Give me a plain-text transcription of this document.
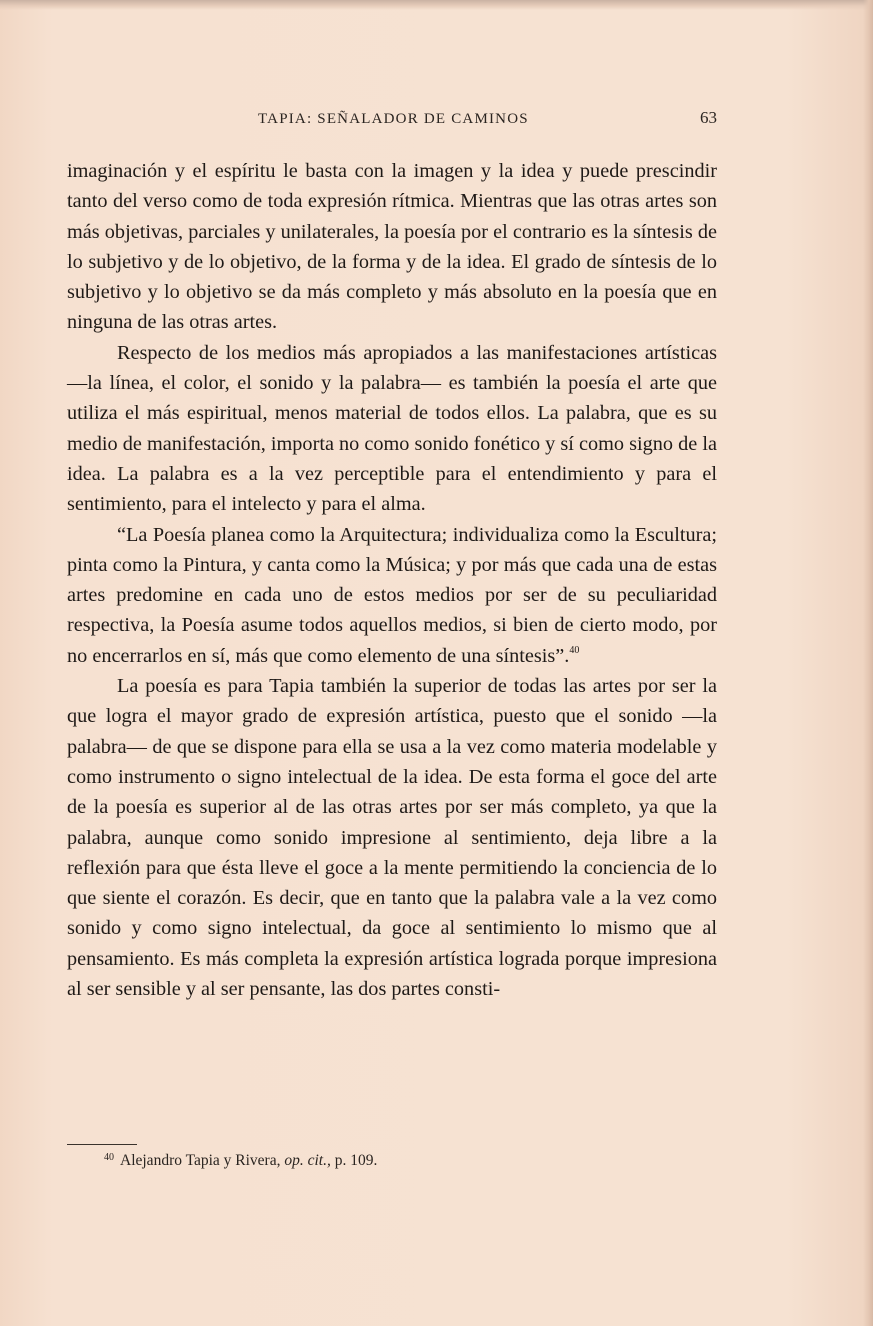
TAPIA: SEÑALADOR DE CAMINOS	63

imaginación y el espíritu le basta con la imagen y la idea y puede prescindir tanto del verso como de toda expresión rítmica. Mientras que las otras artes son más objetivas, parciales y unilaterales, la poesía por el contrario es la síntesis de lo subjetivo y de lo objetivo, de la forma y de la idea. El grado de síntesis de lo subjetivo y lo objetivo se da más completo y más absoluto en la poesía que en ninguna de las otras artes.

Respecto de los medios más apropiados a las manifestaciones artísticas —la línea, el color, el sonido y la palabra— es también la poesía el arte que utiliza el más espiritual, menos material de todos ellos. La palabra, que es su medio de manifestación, importa no como sonido fonético y sí como signo de la idea. La palabra es a la vez perceptible para el entendimiento y para el sentimiento, para el intelecto y para el alma.

“La Poesía planea como la Arquitectura; individualiza como la Escultura; pinta como la Pintura, y canta como la Música; y por más que cada una de estas artes predomine en cada uno de estos medios por ser de su peculiaridad respectiva, la Poesía asume todos aquellos medios, si bien de cierto modo, por no encerrarlos en sí, más que como elemento de una síntesis”.$^{40}$

La poesía es para Tapia también la superior de todas las artes por ser la que logra el mayor grado de expresión artística, puesto que el sonido —la palabra— de que se dispone para ella se usa a la vez como materia modelable y como instrumento o signo intelectual de la idea. De esta forma el goce del arte de la poesía es superior al de las otras artes por ser más completo, ya que la palabra, aunque como sonido impresione al sentimiento, deja libre a la reflexión para que ésta lleve el goce a la mente permitiendo la conciencia de lo que siente el corazón. Es decir, que en tanto que la palabra vale a la vez como sonido y como signo intelectual, da goce al sentimiento lo mismo que al pensamiento. Es más completa la expresión artística lograda porque impresiona al ser sensible y al ser pensante, las dos partes consti-

$^{40}$ Alejandro Tapia y Rivera, op. cit., p. 109.
